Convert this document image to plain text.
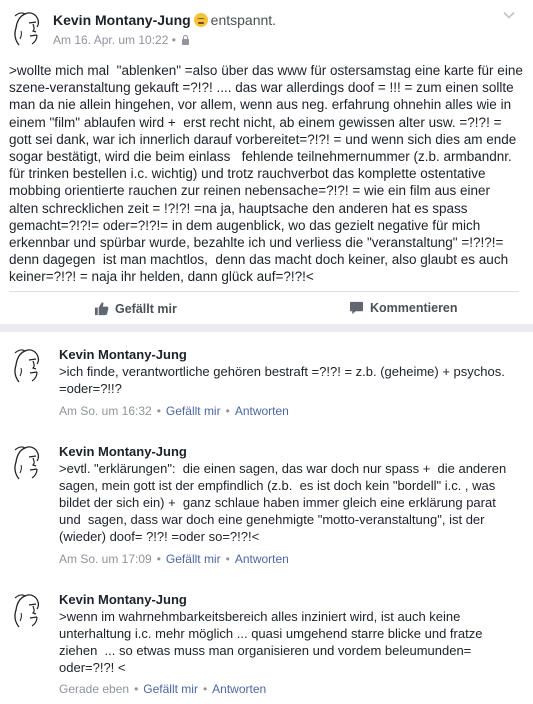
Kevin Montany-Jung entspannt.
Am 16. Apr. um 10:22 •
>wollte mich mal  "ablenken" =also über das www für ostersamstag eine karte für eine szene-veranstaltung gekauft =?!?! .... das war allerdings doof = !!! = zum einen sollte man da nie allein hingehen, vor allem, wenn aus neg. erfahrung ohnehin alles wie in einem "film" ablaufen wird +  erst recht nicht, ab einem gewissen alter usw. =?!?! = gott sei dank, war ich innerlich darauf vorbereitet=?!?! = und wenn sich dies am ende sogar bestätigt, wird die beim einlass   fehlende teilnehmernummer (z.b. armbandnr.  für trinken bestellen i.c. wichtig) und trotz rauchverbot das komplette ostentative mobbing orientierte rauchen zur reinen nebensache=?!?! = wie ein film aus einer alten schrecklichen zeit = !?!?! =na ja, hauptsache den anderen hat es spass gemacht=?!?!= oder=?!?!= in dem augenblick, wo das gezielt negative für mich erkennbar und spürbar wurde, bezahlte ich und verliess die "veranstaltung" =!?!?!= denn dagegen  ist man machtlos,  denn das macht doch keiner, also glaubt es auch keiner=?!?! = naja ihr helden, dann glück auf=?!?!<
Gefällt mir	Kommentieren
Kevin Montany-Jung
>ich finde, verantwortliche gehören bestraft =?!?! = z.b. (geheime) + psychos. =oder=?!!?
Am So. um 16:32 • Gefällt mir • Antworten
Kevin Montany-Jung
>evtl. "erklärungen":  die einen sagen, das war doch nur spass +  die anderen sagen, mein gott ist der empfindlich (z.b.  es ist doch kein "bordell" i.c. , was bildet der sich ein) +  ganz schlaue haben immer gleich eine erklärung parat  und  sagen, dass war doch eine genehmigte "motto-veranstaltung", ist der (wieder) doof= ?!?! =oder so=?!?!<
Am So. um 17:09 • Gefällt mir • Antworten
Kevin Montany-Jung
>wenn im wahrnehmbarkeitsbereich alles inziniert wird, ist auch keine unterhaltung i.c. mehr möglich ... quasi umgehend starre blicke und fratze ziehen  ... so etwas muss man organisieren und vordem beleumunden= oder=?!?! <
Gerade eben • Gefällt mir • Antworten
